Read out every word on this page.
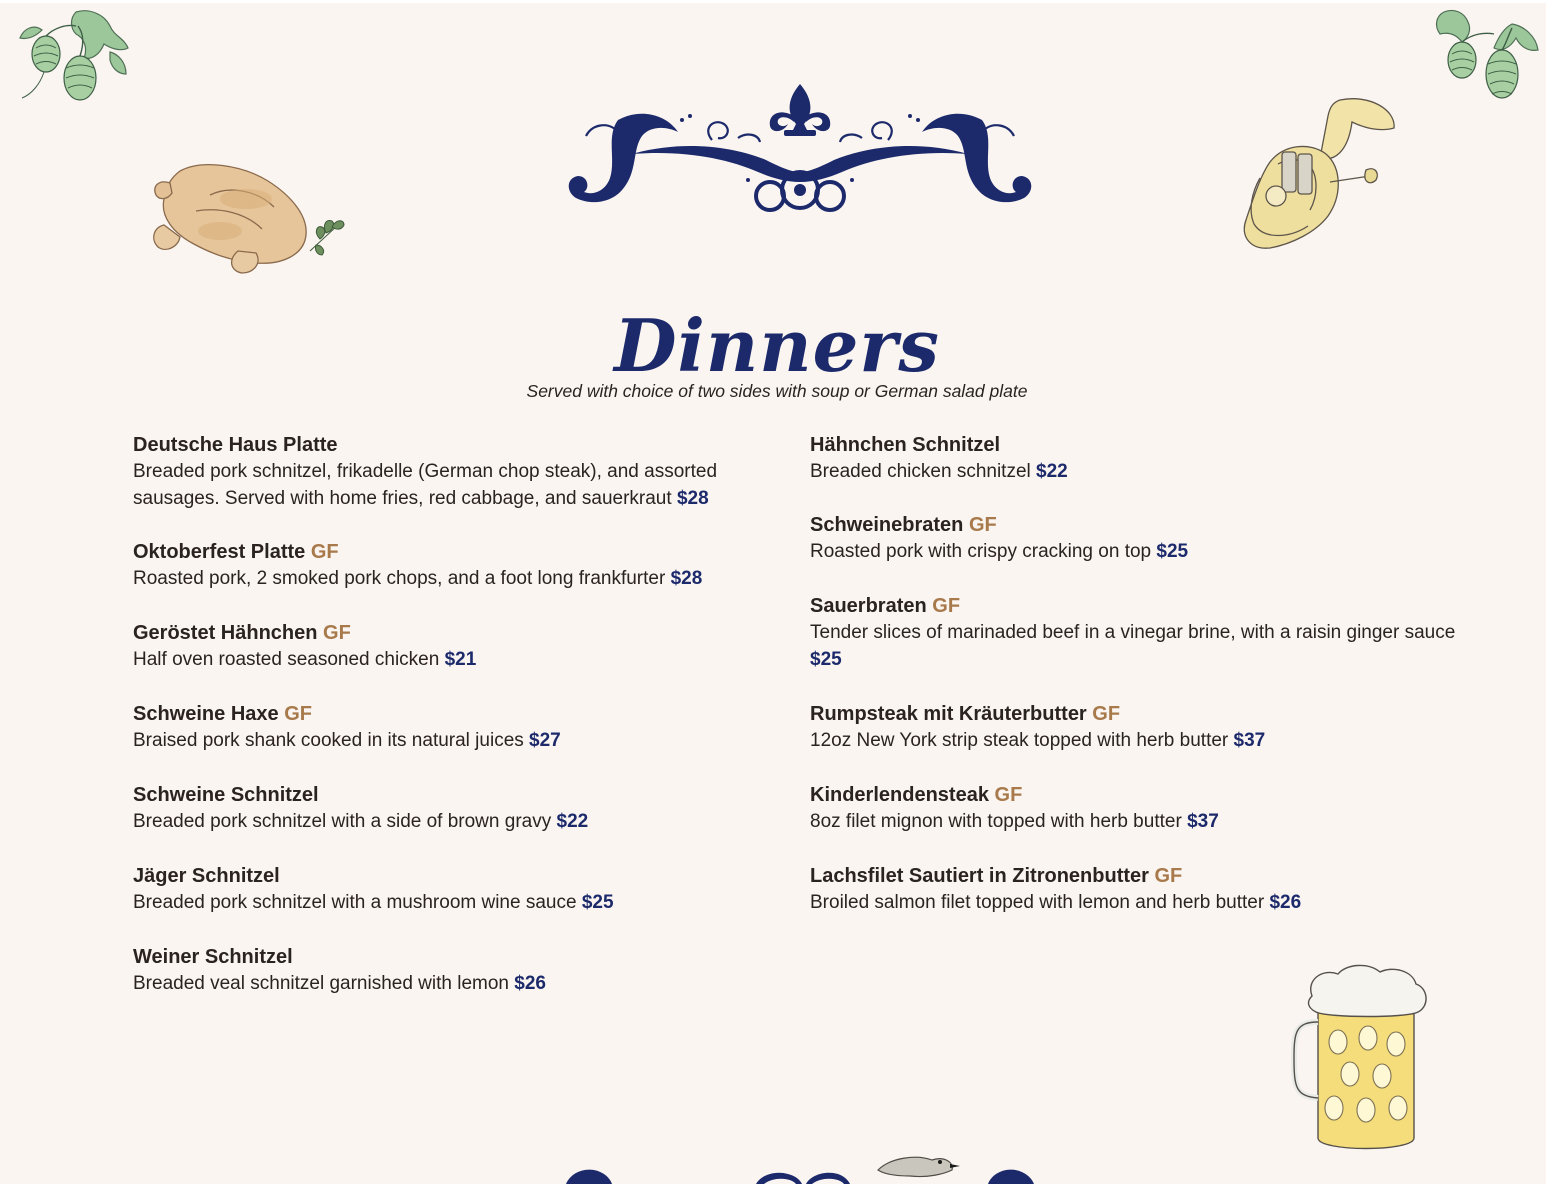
Dinners
Served with choice of two sides with soup or German salad plate
Deutsche Haus Platte
Breaded pork schnitzel, frikadelle (German chop steak), and assorted sausages. Served with home fries, red cabbage, and sauerkraut $28
Oktoberfest Platte GF
Roasted pork, 2 smoked pork chops, and a foot long frankfurter $28
Geröstet Hähnchen GF
Half oven roasted seasoned chicken $21
Schweine Haxe GF
Braised pork shank cooked in its natural juices $27
Schweine Schnitzel
Breaded pork schnitzel with a side of brown gravy $22
Jäger Schnitzel
Breaded pork schnitzel with a mushroom wine sauce $25
Weiner Schnitzel
Breaded veal schnitzel garnished with lemon $26
Hähnchen Schnitzel
Breaded chicken schnitzel $22
Schweinebraten GF
Roasted pork with crispy cracking on top $25
Sauerbraten GF
Tender slices of marinaded beef in a vinegar brine, with a raisin ginger sauce $25
Rumpsteak mit Kräuterbutter GF
12oz New York strip steak topped with herb butter $37
Kinderlendensteak GF
8oz filet mignon with topped with herb butter $37
Lachsfilet Sautiert in Zitronenbutter GF
Broiled salmon filet topped with lemon and herb butter $26
